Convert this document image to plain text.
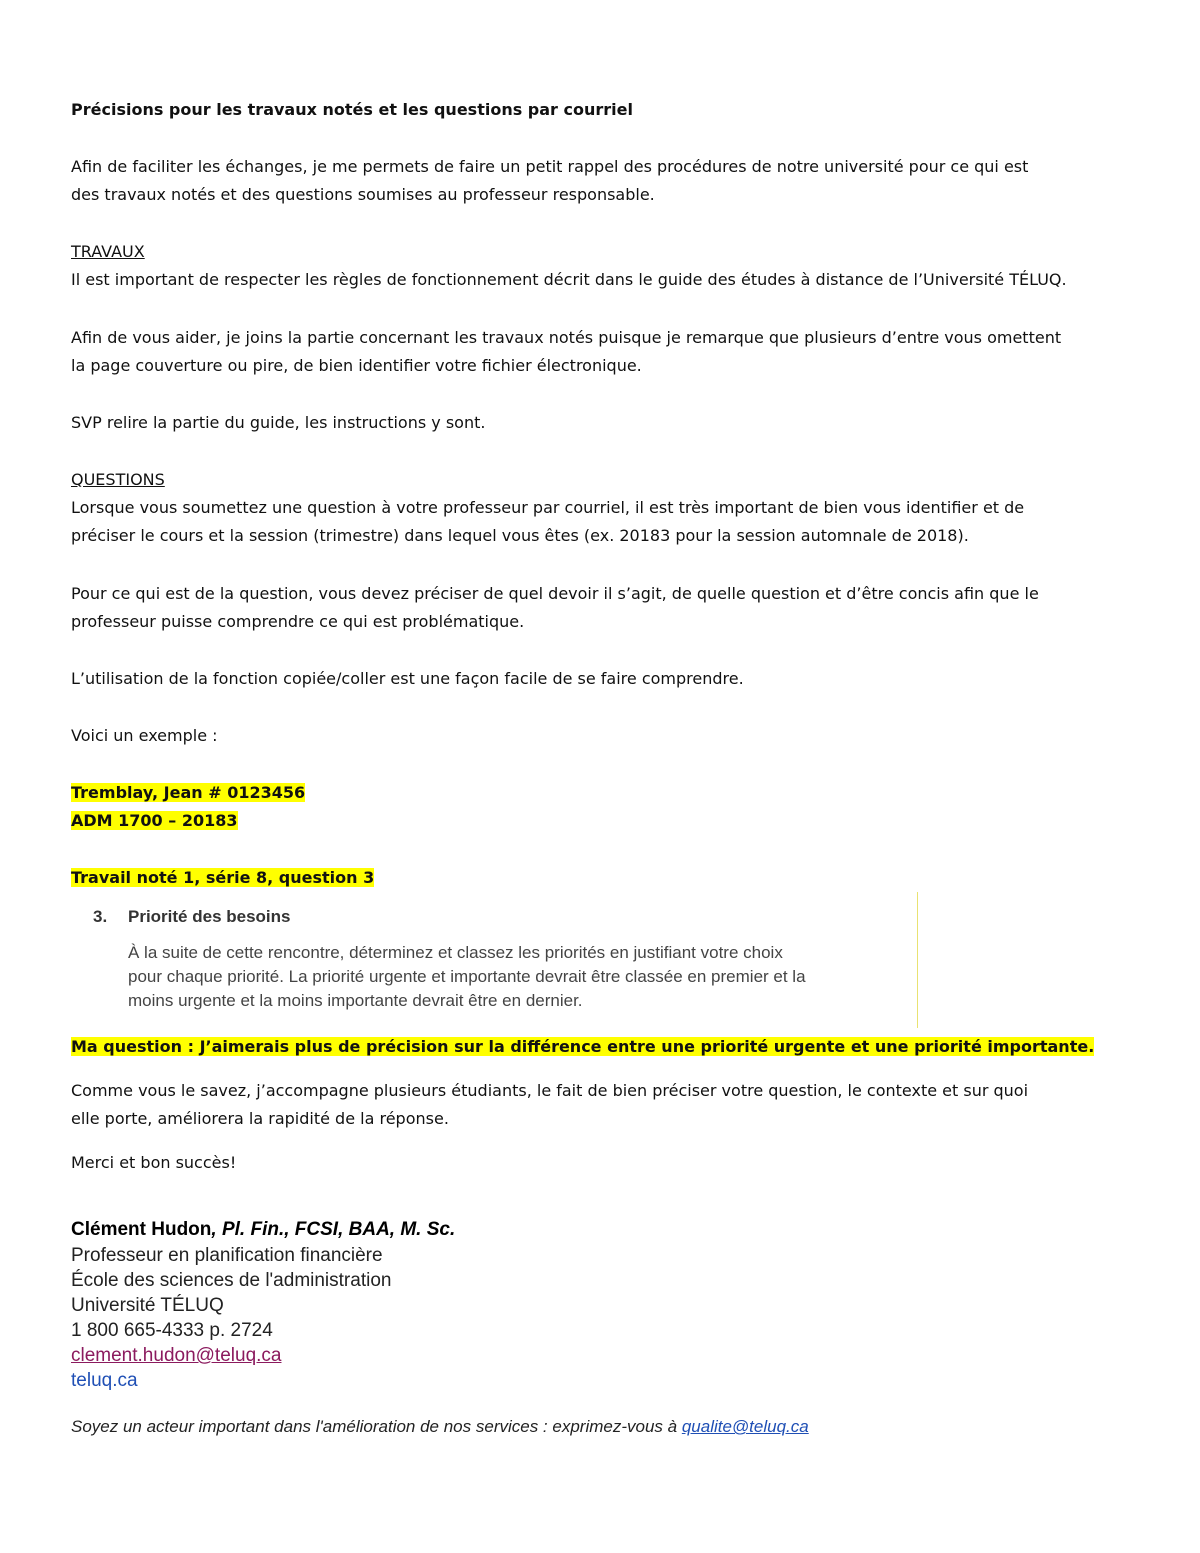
Précisions pour les travaux notés et les questions par courriel

Afin de faciliter les échanges, je me permets de faire un petit rappel des procédures de notre université pour ce qui est

des travaux notés et des questions soumises au professeur responsable.

TRAVAUX

Il est important de respecter les règles de fonctionnement décrit dans le guide des études à distance de l’Université TÉLUQ.

Afin de vous aider, je joins la partie concernant les travaux notés puisque je remarque que plusieurs d’entre vous omettent

la page couverture ou pire, de bien identifier votre fichier électronique.

SVP relire la partie du guide, les instructions y sont.

QUESTIONS

Lorsque vous soumettez une question à votre professeur par courriel, il est très important de bien vous identifier et de

préciser le cours et la session (trimestre) dans lequel vous êtes (ex. 20183 pour la session automnale de 2018).

Pour ce qui est de la question, vous devez préciser de quel devoir il s’agit, de quelle question et d’être concis afin que le

professeur puisse comprendre ce qui est problématique.

L’utilisation de la fonction copiée/coller est une façon facile de se faire comprendre.

Voici un exemple :

Tremblay, Jean # 0123456

ADM 1700 – 20183

Travail noté 1, série 8, question 3

3. Priorité des besoins

À la suite de cette rencontre, déterminez et classez les priorités en justifiant votre choix

pour chaque priorité. La priorité urgente et importante devrait être classée en premier et la

moins urgente et la moins importante devrait être en dernier.

Ma question : J’aimerais plus de précision sur la différence entre une priorité urgente et une priorité importante.

Comme vous le savez, j’accompagne plusieurs étudiants, le fait de bien préciser votre question, le contexte et sur quoi

elle porte, améliorera la rapidité de la réponse.

Merci et bon succès!

Clément Hudon, Pl. Fin., FCSI, BAA, M. Sc.

Professeur en planification financière

École des sciences de l'administration

Université TÉLUQ

1 800 665-4333 p. 2724

clement.hudon@teluq.ca

teluq.ca

Soyez un acteur important dans l'amélioration de nos services : exprimez-vous à qualite@teluq.ca
